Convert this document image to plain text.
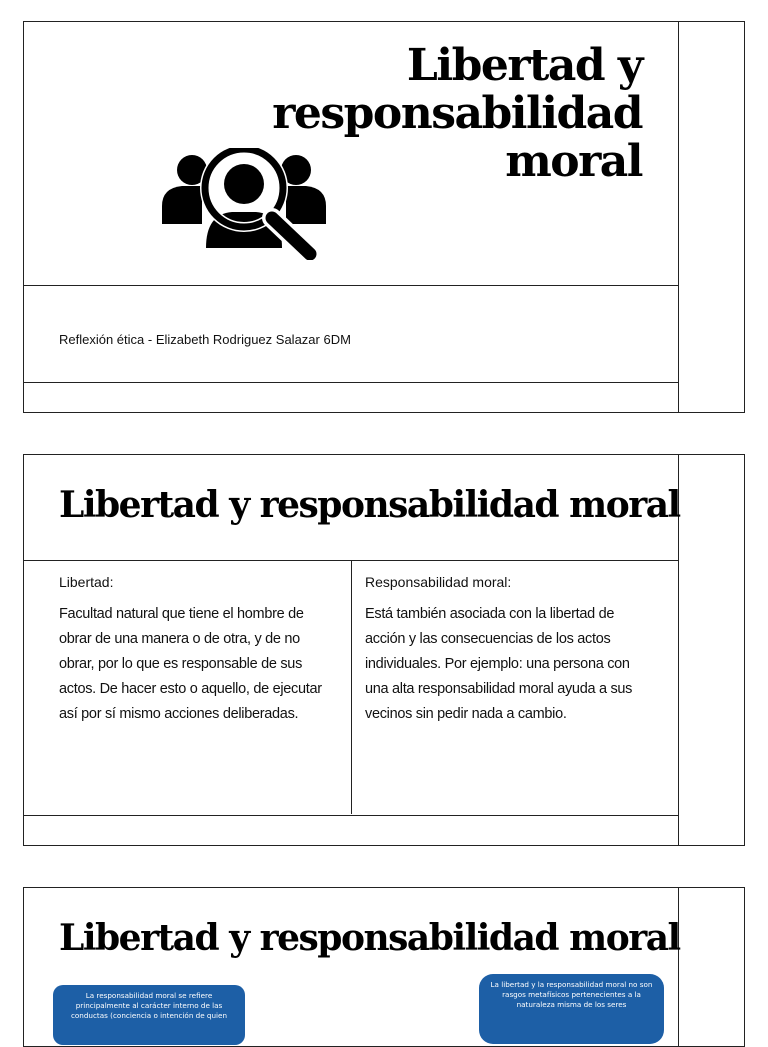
Libertad y responsabilidad
moral
Reflexión ética - Elizabeth Rodriguez Salazar 6DM
Libertad y responsabilidad moral
Libertad:
Facultad natural que tiene el hombre de obrar de una manera o de otra, y de no obrar, por lo que es responsable de sus actos. De hacer esto o aquello, de ejecutar así por sí mismo acciones deliberadas.
Responsabilidad moral:
Está también asociada con la libertad de acción y las consecuencias de los actos individuales. Por ejemplo: una persona con una alta responsabilidad moral ayuda a sus vecinos sin pedir nada a cambio.
Libertad y responsabilidad moral
La responsabilidad moral se refiere principalmente al carácter interno de las conductas (conciencia o intención de quien
La libertad y la responsabilidad moral no son rasgos metafísicos pertenecientes a la naturaleza misma de los seres
